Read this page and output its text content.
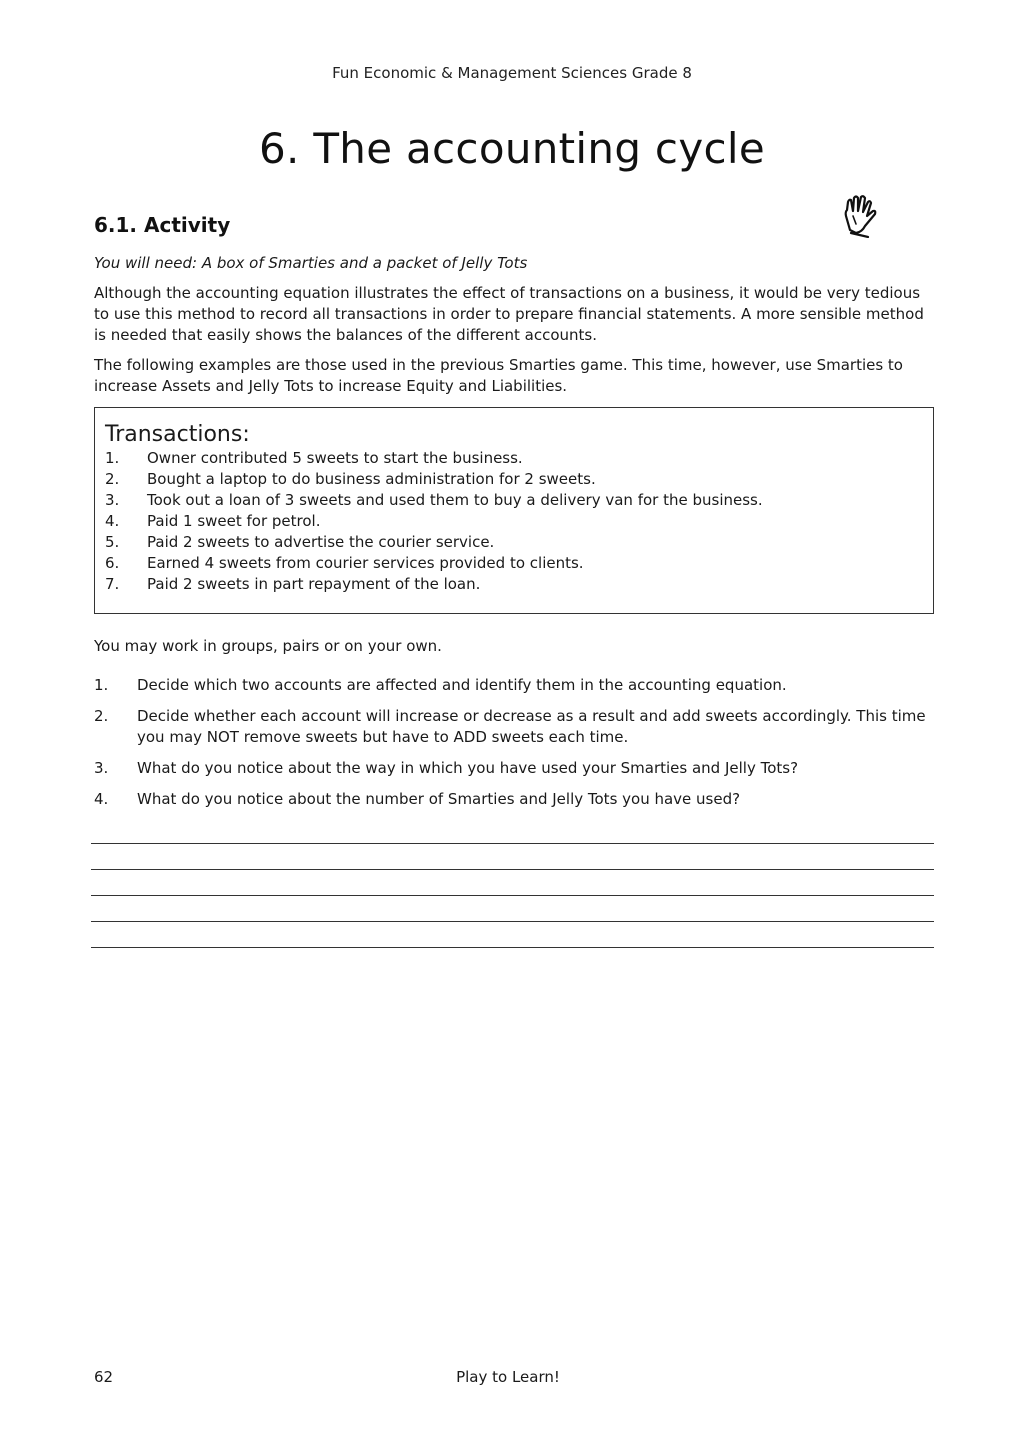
Fun Economic & Management Sciences Grade 8
6. The accounting cycle
6.1. Activity

You will need: A box of Smarties and a packet of Jelly Tots

Although the accounting equation illustrates the effect of transactions on a business, it would be very tedious to use this method to record all transactions in order to prepare financial statements. A more sensible method is needed that easily shows the balances of the different accounts.

The following examples are those used in the previous Smarties game. This time, however, use Smarties to increase Assets and Jelly Tots to increase Equity and Liabilities.

Transactions:
1.	Owner contributed 5 sweets to start the business.
2.	Bought a laptop to do business administration for 2 sweets.
3.	Took out a loan of 3 sweets and used them to buy a delivery van for the business.
4.	Paid 1 sweet for petrol.
5.	Paid 2 sweets to advertise the courier service.
6.	Earned 4 sweets from courier services provided to clients.
7.	Paid 2 sweets in part repayment of the loan.

You may work in groups, pairs or on your own.

1.	Decide which two accounts are affected and identify them in the accounting equation.
2.	Decide whether each account will increase or decrease as a result and add sweets accordingly. This time you may NOT remove sweets but have to ADD sweets each time.
3.	What do you notice about the way in which you have used your Smarties and Jelly Tots?
4.	What do you notice about the number of Smarties and Jelly Tots you have used?
62	Play to Learn!
